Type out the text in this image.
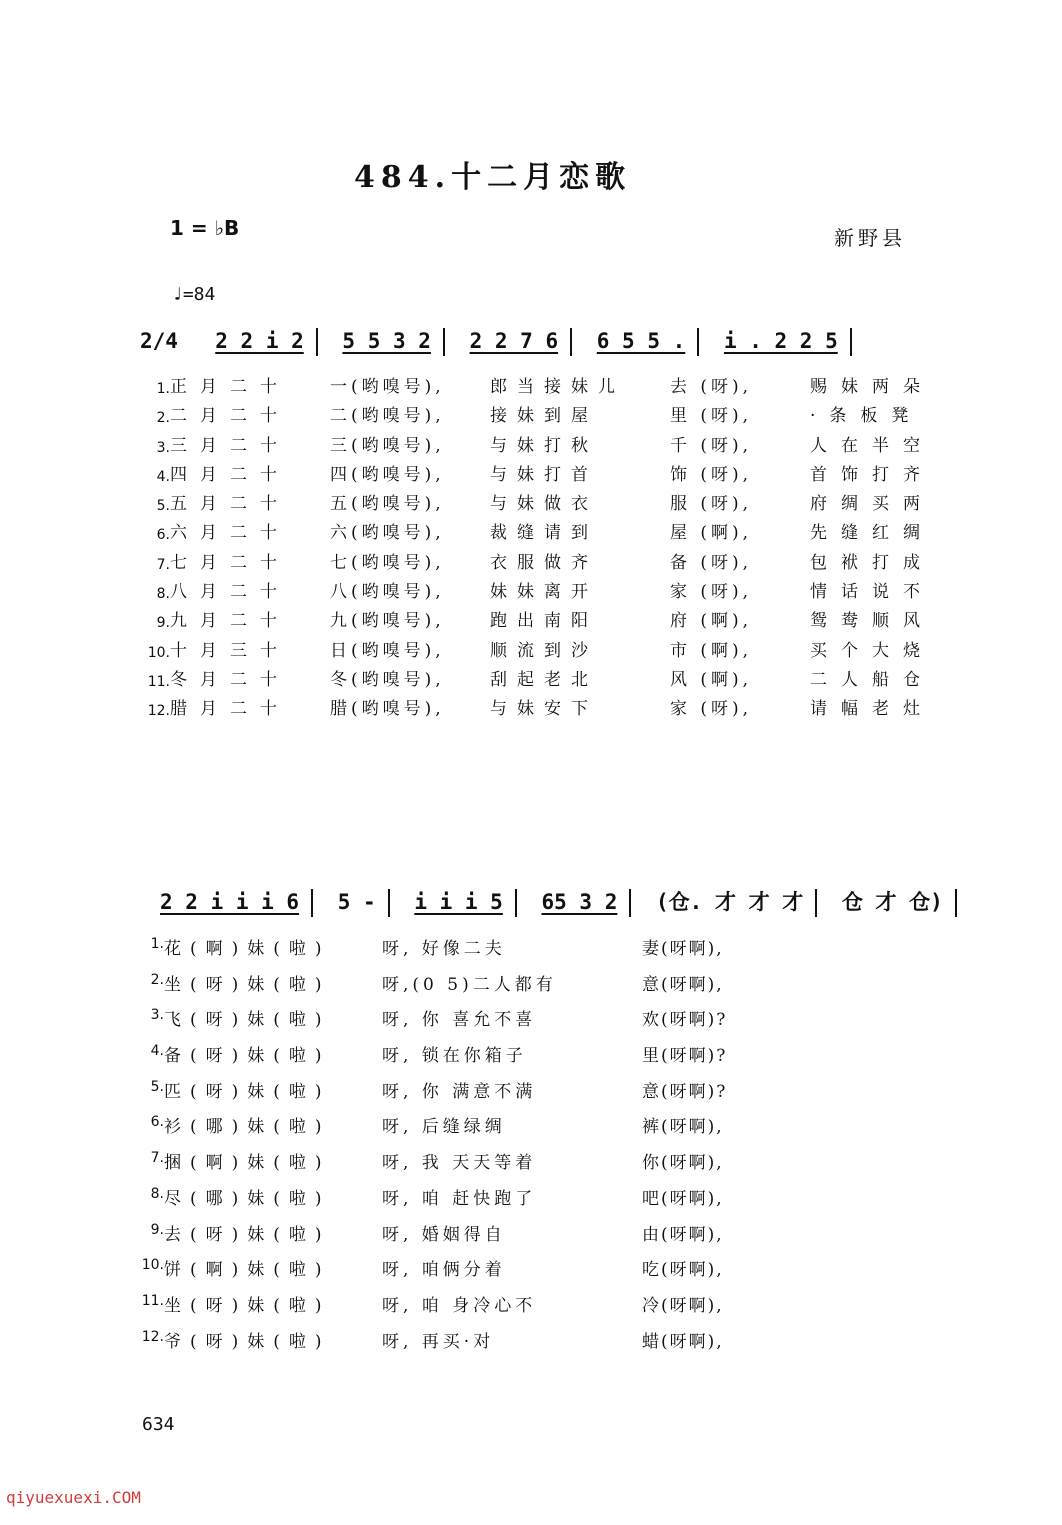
484.十二月恋歌
1 = ♭B	新野县
♩=84
2/4 2 2 i 2 5 5 3 2 2 2 7 6 6 5 5 . i . 2 2 5
1. 正月二十	一(哟嗅号),	郎当接妹儿	去 (呀),	赐妹两朵
2. 二月二十	二(哟嗅号),	接妹到屋	里 (呀),	·条板凳
3. 三月二十	三(哟嗅号),	与妹打秋	千 (呀),	人在半空
4. 四月二十	四(哟嗅号),	与妹打首	饰 (呀),	首饰打齐
5. 五月二十	五(哟嗅号),	与妹做衣	服 (呀),	府绸买两
6. 六月二十	六(哟嗅号),	裁缝请到	屋 (啊),	先缝红绸
7. 七月二十	七(哟嗅号),	衣服做齐	备 (呀),	包袱打成
8. 八月二十	八(哟嗅号),	妹妹离开	家 (呀),	情话说不
9. 九月二十	九(哟嗅号),	跑出南阳	府 (啊),	鸳鸯顺风
10. 十月三十	日(哟嗅号),	顺流到沙	市 (啊),	买个大烧
11. 冬月二十	冬(哟嗅号),	刮起老北	风 (啊),	二人船仓
12. 腊月二十	腊(哟嗅号),	与妹安下	家 (呀),	请幅老灶
2 2 i i i 6 5 - i i i 5 65 3 2 (仓. 才 才 才 仓 才 仓)
1. 花(啊)妹(啦)	呀, 好像二夫	妻(呀啊),
2. 坐(呀)妹(啦)	呀,(0 5)二人都有	意(呀啊),
3. 飞(呀)妹(啦)	呀, 你 喜允不喜	欢(呀啊)?
4. 备(呀)妹(啦)	呀, 锁在你箱子	里(呀啊)?
5. 匹(呀)妹(啦)	呀, 你 满意不满	意(呀啊)?
6. 衫(哪)妹(啦)	呀, 后缝绿绸	裤(呀啊),
7. 捆(啊)妹(啦)	呀, 我 天天等着	你(呀啊),
8. 尽(哪)妹(啦)	呀, 咱 赶快跑了	吧(呀啊),
9. 去(呀)妹(啦)	呀, 婚姻得自	由(呀啊),
10. 饼(啊)妹(啦)	呀, 咱俩分着	吃(呀啊),
11. 坐(呀)妹(啦)	呀, 咱 身冷心不	冷(呀啊),
12. 爷(呀)妹(啦)	呀, 再买·对	蜡(呀啊),
634
qiyuexuexi.COM
